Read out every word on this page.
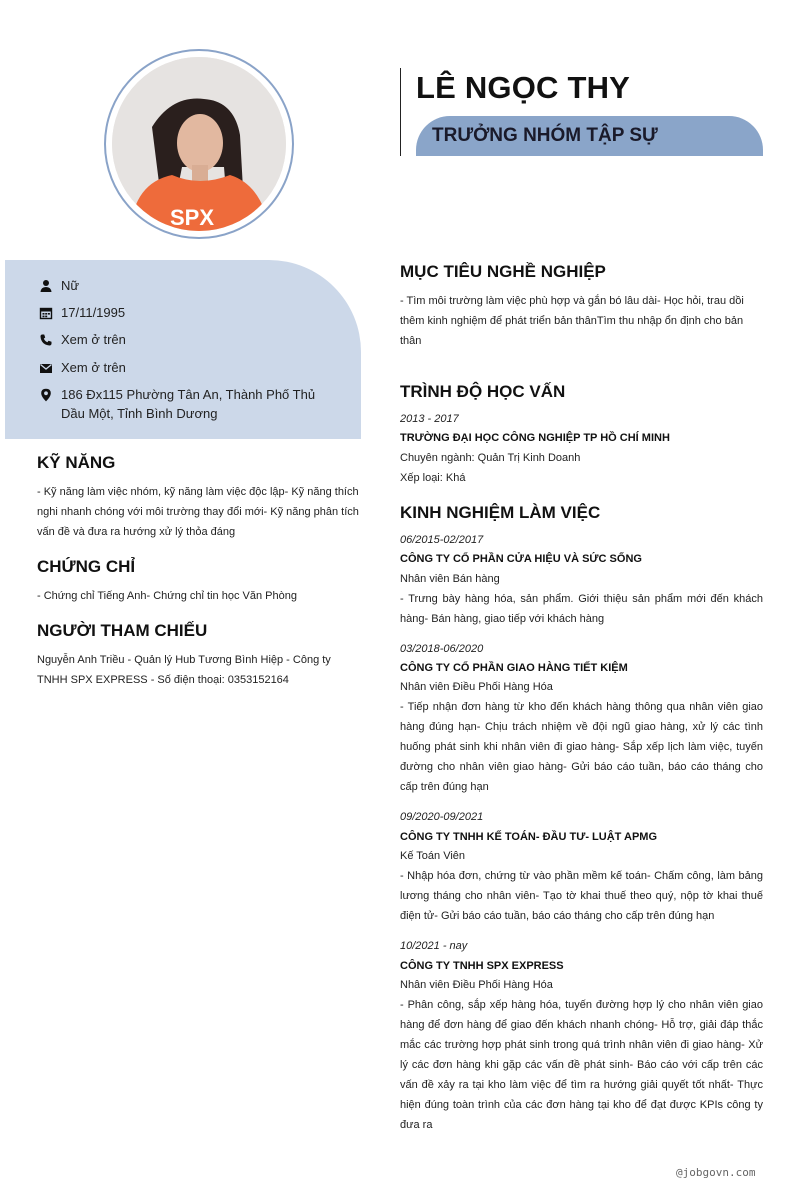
SPX
LÊ NGỌC THY
TRƯỞNG NHÓM TẬP SỰ
Nữ
17/11/1995
Xem ở trên
Xem ở trên
186 Đx115 Phường Tân An, Thành Phố Thủ Dầu Một, Tỉnh Bình Dương
KỸ NĂNG
- Kỹ năng làm việc nhóm, kỹ năng làm việc độc lập- Kỹ năng thích nghi nhanh chóng với môi trường thay đổi mới- Kỹ năng phân tích vấn đề và đưa ra hướng xử lý thỏa đáng
CHỨNG CHỈ
- Chứng chỉ Tiếng Anh- Chứng chỉ tin học Văn Phòng
NGƯỜI THAM CHIẾU
Nguyễn Anh Triều - Quản lý Hub Tương Bình Hiệp - Công ty TNHH SPX EXPRESS - Số điện thoại: 0353152164
MỤC TIÊU NGHỀ NGHIỆP
- Tìm môi trường làm việc phù hợp và gắn bó lâu dài- Học hỏi, trau dồi thêm kinh nghiệm để phát triển bản thânTìm thu nhập ổn định cho bản thân
TRÌNH ĐỘ HỌC VẤN
2013 - 2017
TRƯỜNG ĐẠI HỌC CÔNG NGHIỆP TP HỒ CHÍ MINH
Chuyên ngành: Quản Trị Kinh Doanh
Xếp loại: Khá
KINH NGHIỆM LÀM VIỆC
06/2015-02/2017
CÔNG TY CỔ PHẦN CỬA HIỆU VÀ SỨC SỐNG
Nhân viên Bán hàng
- Trưng bày hàng hóa, sản phẩm. Giới thiệu sản phẩm mới đến khách hàng- Bán hàng, giao tiếp với khách hàng
03/2018-06/2020
CÔNG TY CỔ PHẦN GIAO HÀNG TIẾT KIỆM
Nhân viên Điều Phối Hàng Hóa
- Tiếp nhận đơn hàng từ kho đến khách hàng thông qua nhân viên giao hàng đúng hạn- Chịu trách nhiệm về đội ngũ giao hàng, xử lý các tình huống phát sinh khi nhân viên đi giao hàng- Sắp xếp lịch làm việc, tuyến đường cho nhân viên giao hàng- Gửi báo cáo tuần, báo cáo tháng cho cấp trên đúng hạn
09/2020-09/2021
CÔNG TY TNHH KẾ TOÁN- ĐẦU TƯ- LUẬT APMG
Kế Toán Viên
- Nhập hóa đơn, chứng từ vào phần mềm kế toán- Chấm công, làm bảng lương tháng cho nhân viên- Tạo tờ khai thuế theo quý, nộp tờ khai thuế điện tử- Gửi báo cáo tuần, báo cáo tháng cho cấp trên đúng hạn
10/2021 - nay
CÔNG TY TNHH SPX EXPRESS
Nhân viên Điều Phối Hàng Hóa
- Phân công, sắp xếp hàng hóa, tuyến đường hợp lý cho nhân viên giao hàng để đơn hàng để giao đến khách nhanh chóng- Hỗ trợ, giải đáp thắc mắc các trường hợp phát sinh trong quá trình nhân viên đi giao hàng- Xử lý các đơn hàng khi gặp các vấn đề phát sinh- Báo cáo với cấp trên các vấn đề xảy ra tại kho làm việc để tìm ra hướng giải quyết tốt nhất- Thực hiện đúng toàn trình của các đơn hàng tại kho để đạt được KPIs công ty đưa ra
@jobgovn.com
